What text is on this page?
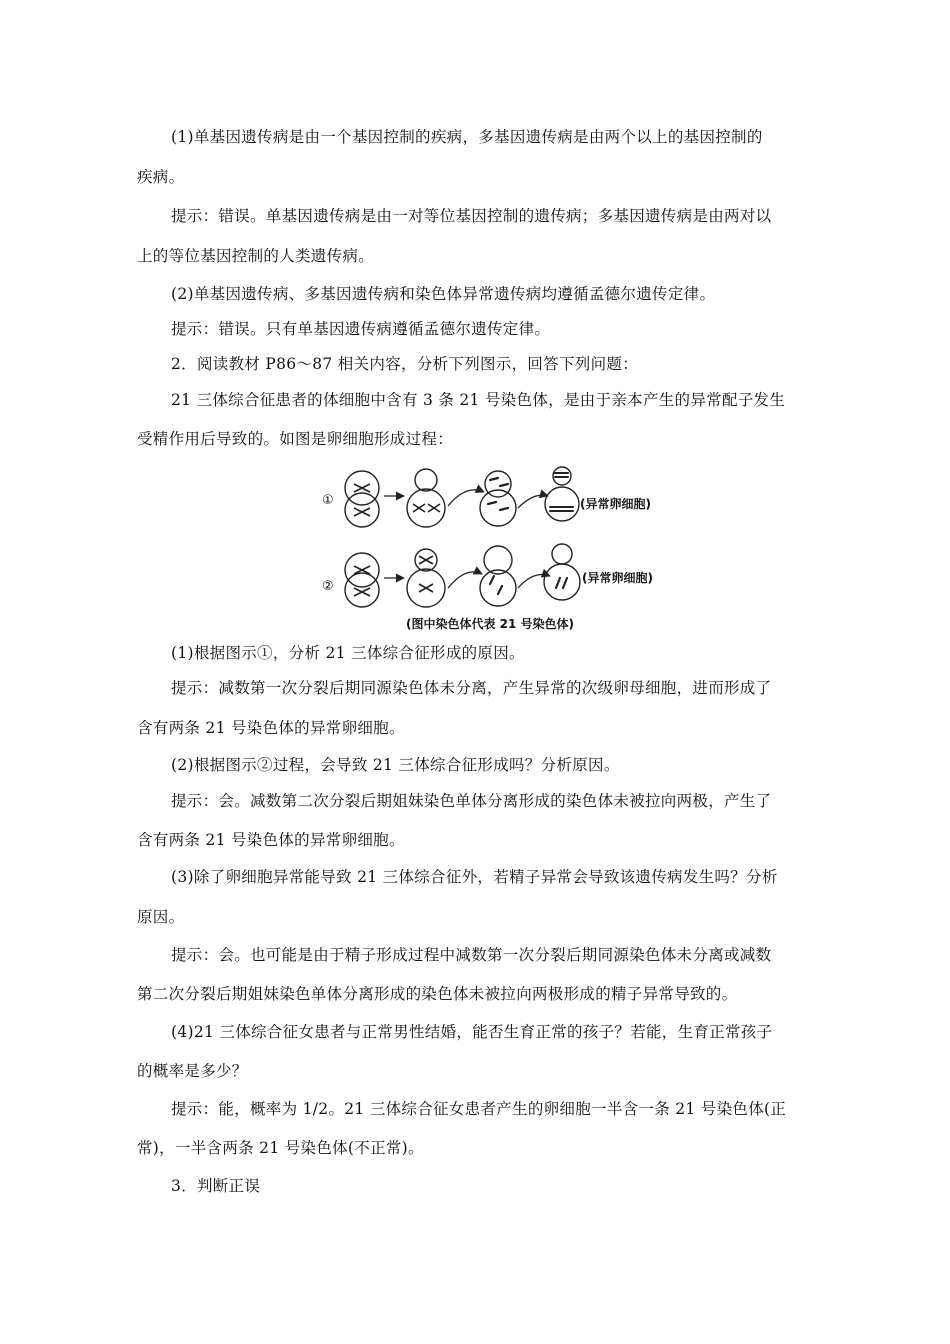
(1)单基因遗传病是由一个基因控制的疾病，多基因遗传病是由两个以上的基因控制的
疾病。
提示：错误。单基因遗传病是由一对等位基因控制的遗传病；多基因遗传病是由两对以
上的等位基因控制的人类遗传病。
(2)单基因遗传病、多基因遗传病和染色体异常遗传病均遵循孟德尔遗传定律。
提示：错误。只有单基因遗传病遵循孟德尔遗传定律。
2．阅读教材 P86～87 相关内容，分析下列图示，回答下列问题：
21 三体综合征患者的体细胞中含有 3 条 21 号染色体，是由于亲本产生的异常配子发生
受精作用后导致的。如图是卵细胞形成过程：
①	(异常卵细胞)
②
(异常卵细胞)
(图中染色体代表 21 号染色体)
(1)根据图示①，分析 21 三体综合征形成的原因。
提示：减数第一次分裂后期同源染色体未分离，产生异常的次级卵母细胞，进而形成了
含有两条 21 号染色体的异常卵细胞。
(2)根据图示②过程，会导致 21 三体综合征形成吗？分析原因。
提示：会。减数第二次分裂后期姐妹染色单体分离形成的染色体未被拉向两极，产生了
含有两条 21 号染色体的异常卵细胞。
(3)除了卵细胞异常能导致 21 三体综合征外，若精子异常会导致该遗传病发生吗？分析
原因。
提示：会。也可能是由于精子形成过程中减数第一次分裂后期同源染色体未分离或减数
第二次分裂后期姐妹染色单体分离形成的染色体未被拉向两极形成的精子异常导致的。
(4)21 三体综合征女患者与正常男性结婚，能否生育正常的孩子？若能，生育正常孩子
的概率是多少？
提示：能，概率为 1/2。21 三体综合征女患者产生的卵细胞一半含一条 21 号染色体(正
常)，一半含两条 21 号染色体(不正常)。
3．判断正误
